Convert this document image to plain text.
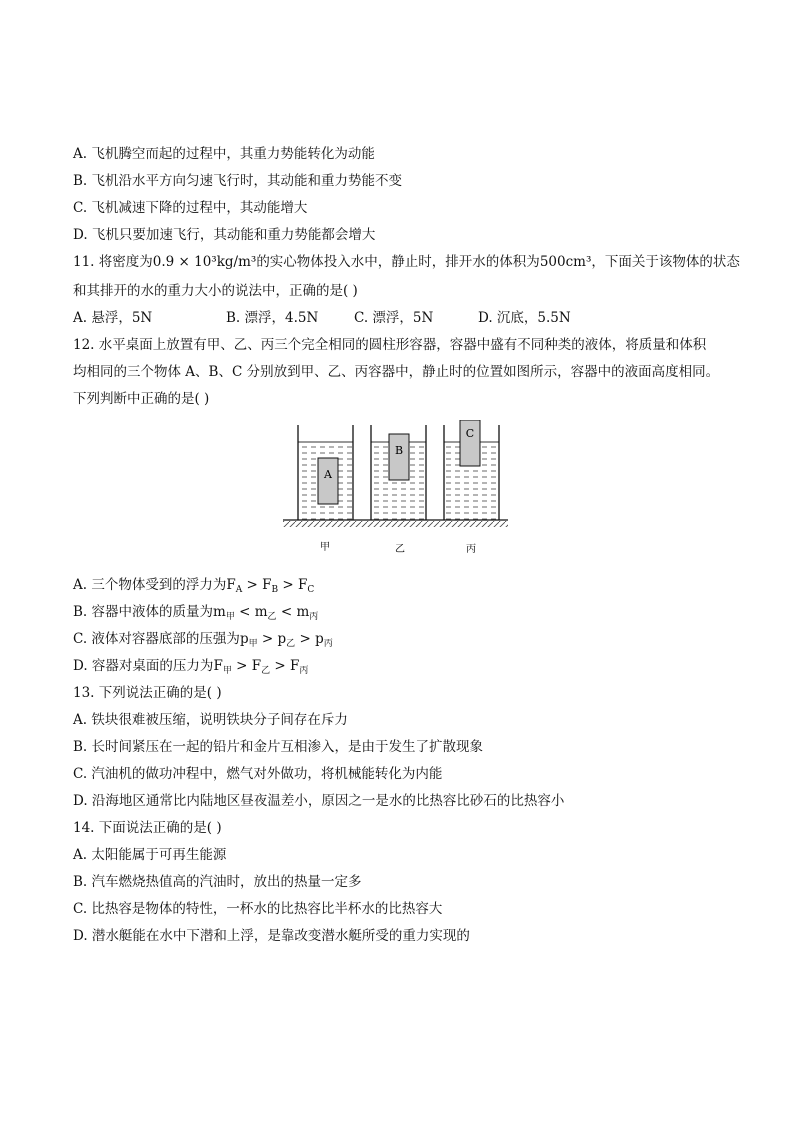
A. 飞机腾空而起的过程中，其重力势能转化为动能
B. 飞机沿水平方向匀速飞行时，其动能和重力势能不变
C. 飞机减速下降的过程中，其动能增大
D. 飞机只要加速飞行，其动能和重力势能都会增大
11. 将密度为0.9 × 10³kg/m³的实心物体投入水中，静止时，排开水的体积为500cm³，下面关于该物体的状态
和其排开的水的重力大小的说法中，正确的是( )
A. 悬浮，5N	B. 漂浮，4.5N	C. 漂浮，5N	D. 沉底，5.5N
12. 水平桌面上放置有甲、乙、丙三个完全相同的圆柱形容器，容器中盛有不同种类的液体，将质量和体积
均相同的三个物体 A、B、C 分别放到甲、乙、丙容器中，静止时的位置如图所示，容器中的液面高度相同。
下列判断中正确的是( )
A
B
C
甲	乙	丙
A. 三个物体受到的浮力为$F_A > F_B > F_C$
B. 容器中液体的质量为$m_甲 < m_乙 < m_丙$
C. 液体对容器底部的压强为$p_甲 > p_乙 > p_丙$
D. 容器对桌面的压力为$F_甲 > F_乙 > F_丙$
13. 下列说法正确的是( )
A. 铁块很难被压缩，说明铁块分子间存在斥力
B. 长时间紧压在一起的铅片和金片互相渗入，是由于发生了扩散现象
C. 汽油机的做功冲程中，燃气对外做功，将机械能转化为内能
D. 沿海地区通常比内陆地区昼夜温差小，原因之一是水的比热容比砂石的比热容小
14. 下面说法正确的是( )
A. 太阳能属于可再生能源
B. 汽车燃烧热值高的汽油时，放出的热量一定多
C. 比热容是物体的特性，一杯水的比热容比半杯水的比热容大
D. 潜水艇能在水中下潜和上浮，是靠改变潜水艇所受的重力实现的
